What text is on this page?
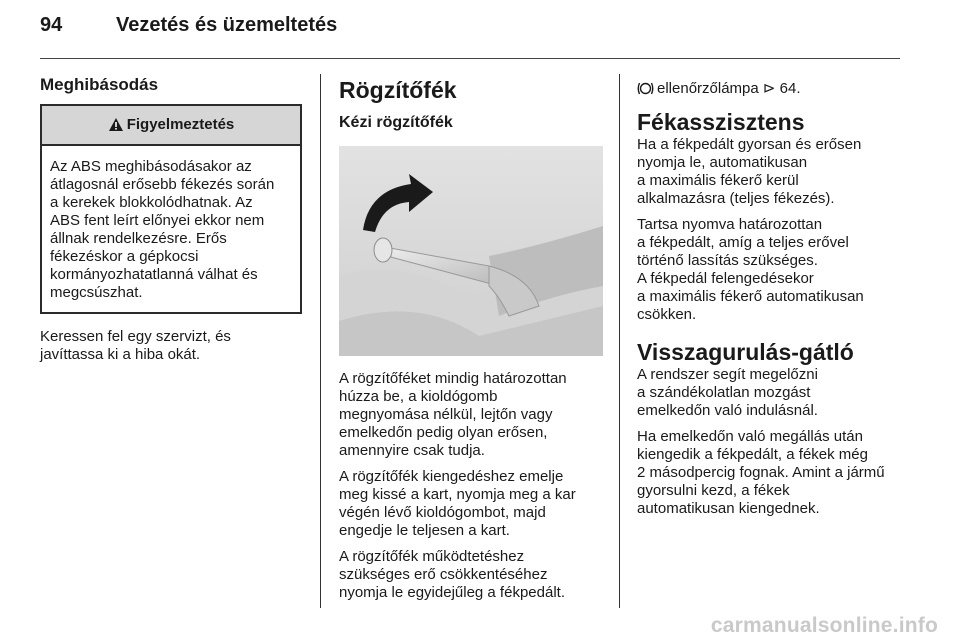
94	Vezetés és üzemeltetés
Meghibásodás
Figyelmeztetés
Az ABS meghibásodásakor az
átlagosnál erősebb fékezés során
a kerekek blokkolódhatnak. Az
ABS fent leírt előnyei ekkor nem
állnak rendelkezésre. Erős
fékezéskor a gépkocsi
kormányozhatatlanná válhat és
megcsúszhat.
Keressen fel egy szervizt, és
javíttassa ki a hiba okát.
Rögzítőfék
Kézi rögzítőfék

A rögzítőféket mindig határozottan
húzza be, a kioldógomb
megnyomása nélkül, lejtőn vagy
emelkedőn pedig olyan erősen,
amennyire csak tudja.

A rögzítőfék kiengedéshez emelje
meg kissé a kart, nyomja meg a kar
végén lévő kioldógombot, majd
engedje le teljesen a kart.

A rögzítőfék működtetéshez
szükséges erő csökkentéséhez
nyomja le egyidejűleg a fékpedált.

ellenőrzőlámpa ⊳ 64.
Fékasszisztens

Ha a fékpedált gyorsan és erősen
nyomja le, automatikusan
a maximális fékerő kerül
alkalmazásra (teljes fékezés).

Tartsa nyomva határozottan
a fékpedált, amíg a teljes erővel
történő lassítás szükséges.
A fékpedál felengedésekor
a maximális fékerő automatikusan
csökken.

Visszagurulás-gátló

A rendszer segít megelőzni
a szándékolatlan mozgást
emelkedőn való indulásnál.

Ha emelkedőn való megállás után
kiengedik a fékpedált, a fékek még
2 másodpercig fognak. Amint a jármű
gyorsulni kezd, a fékek
automatikusan kiengednek.

carmanualsonline.info
